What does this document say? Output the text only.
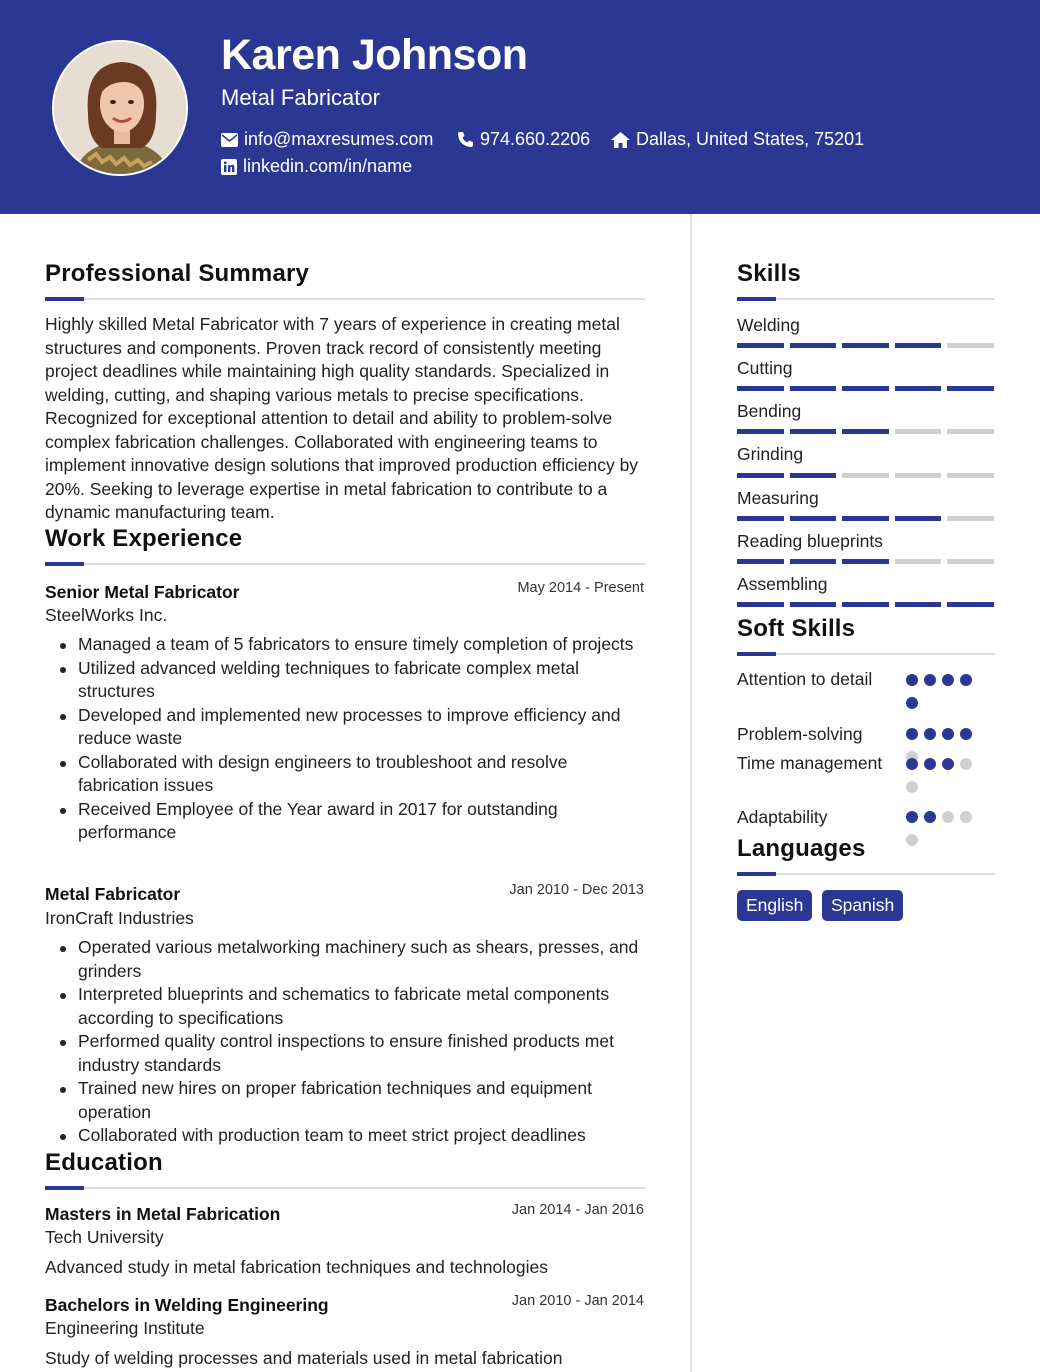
Karen Johnson
Metal Fabricator
info@maxresumes.com	974.660.2206	Dallas, United States, 75201
linkedin.com/in/name
Professional Summary
Highly skilled Metal Fabricator with 7 years of experience in creating metal structures and components. Proven track record of consistently meeting project deadlines while maintaining high quality standards. Specialized in welding, cutting, and shaping various metals to precise specifications. Recognized for exceptional attention to detail and ability to problem-solve complex fabrication challenges. Collaborated with engineering teams to implement innovative design solutions that improved production efficiency by 20%. Seeking to leverage expertise in metal fabrication to contribute to a dynamic manufacturing team.
Work Experience
Senior Metal Fabricator	May 2014 - Present
SteelWorks Inc.
Managed a team of 5 fabricators to ensure timely completion of projects
Utilized advanced welding techniques to fabricate complex metal structures
Developed and implemented new processes to improve efficiency and reduce waste
Collaborated with design engineers to troubleshoot and resolve fabrication issues
Received Employee of the Year award in 2017 for outstanding performance
Metal Fabricator	Jan 2010 - Dec 2013
IronCraft Industries
Operated various metalworking machinery such as shears, presses, and grinders
Interpreted blueprints and schematics to fabricate metal components according to specifications
Performed quality control inspections to ensure finished products met industry standards
Trained new hires on proper fabrication techniques and equipment operation
Collaborated with production team to meet strict project deadlines
Education
Masters in Metal Fabrication	Jan 2014 - Jan 2016
Tech University
Advanced study in metal fabrication techniques and technologies
Bachelors in Welding Engineering	Jan 2010 - Jan 2014
Engineering Institute
Study of welding processes and materials used in metal fabrication
Skills
Welding
Cutting
Bending
Grinding
Measuring
Reading blueprints
Assembling
Soft Skills
Attention to detail
Problem-solving
Time management
Adaptability
Languages
English	Spanish
